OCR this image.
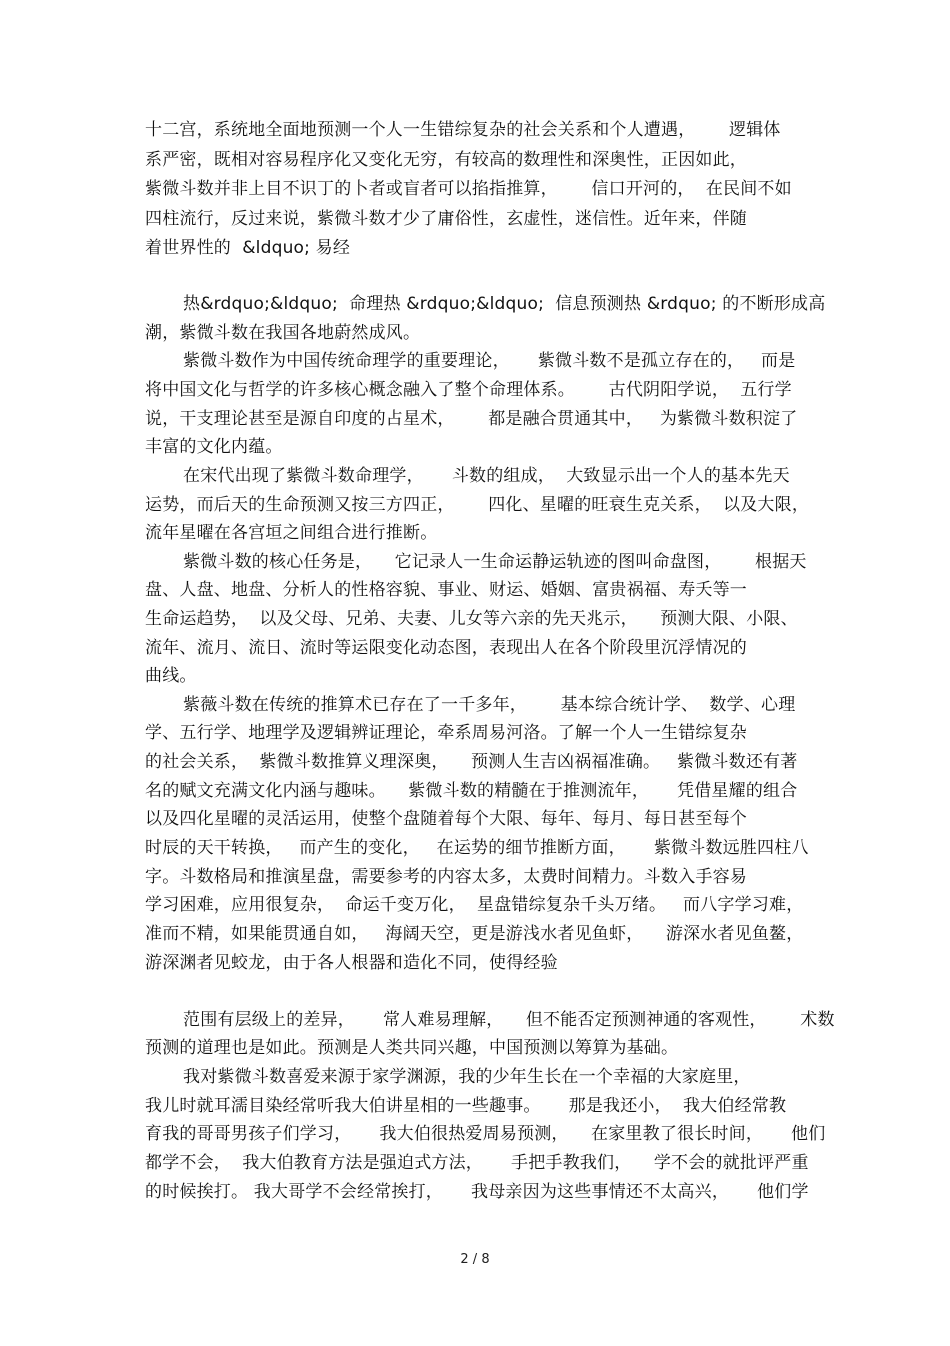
十二宫，系统地全面地预测一个人一生错综复杂的社会关系和个人遭遇，      逻辑体
系严密，既相对容易程序化又变化无穷，有较高的数理性和深奥性，正因如此，
紫微斗数并非上目不识丁的卜者或盲者可以掐指推算，      信口开河的，  在民间不如
四柱流行，反过来说，紫微斗数才少了庸俗性，玄虚性，迷信性。近年来，伴随
着世界性的  &ldquo; 易经
热&rdquo;&ldquo;  命理热 &rdquo;&ldquo;  信息预测热 &rdquo; 的不断形成高
潮，紫微斗数在我国各地蔚然成风。
紫微斗数作为中国传统命理学的重要理论，     紫微斗数不是孤立存在的，   而是
将中国文化与哲学的许多核心概念融入了整个命理体系。      古代阴阳学说，  五行学
说，干支理论甚至是源自印度的占星术，      都是融合贯通其中，   为紫微斗数积淀了
丰富的文化内蕴。
在宋代出现了紫微斗数命理学，     斗数的组成，  大致显示出一个人的基本先天
运势，而后天的生命预测又按三方四正，      四化、星曜的旺衰生克关系，  以及大限，
流年星曜在各宫垣之间组合进行推断。
紫微斗数的核心任务是，    它记录人一生命运静运轨迹的图叫命盘图，      根据天
盘、人盘、地盘、分析人的性格容貌、事业、财运、婚姻、富贵祸福、寿夭等一
生命运趋势，  以及父母、兄弟、夫妻、儿女等六亲的先天兆示，    预测大限、小限、
流年、流月、流日、流时等运限变化动态图，表现出人在各个阶段里沉浮情况的
曲线。
紫薇斗数在传统的推算术已存在了一千多年，      基本综合统计学、  数学、心理
学、五行学、地理学及逻辑辨证理论，牵系周易河洛。了解一个人一生错综复杂
的社会关系，  紫微斗数推算义理深奥，    预测人生吉凶祸福准确。   紫微斗数还有著
名的赋文充满文化内涵与趣味。    紫微斗数的精髓在于推测流年，     凭借星耀的组合
以及四化星曜的灵活运用，使整个盘随着每个大限、每年、每月、每日甚至每个
时辰的天干转换，   而产生的变化，   在运势的细节推断方面，     紫微斗数远胜四柱八
字。斗数格局和推演星盘，需要参考的内容太多，太费时间精力。斗数入手容易
学习困难，应用很复杂，  命运千变万化，  星盘错综复杂千头万绪。   而八字学习难，
准而不精，如果能贯通自如，   海阔天空，更是游浅水者见鱼虾，    游深水者见鱼鳌，
游深渊者见蛟龙，由于各人根器和造化不同，使得经验
范围有层级上的差异，     常人难易理解，    但不能否定预测神通的客观性，      术数
预测的道理也是如此。预测是人类共同兴趣，中国预测以筹算为基础。
我对紫微斗数喜爱来源于家学渊源，我的少年生长在一个幸福的大家庭里，
我儿时就耳濡目染经常听我大伯讲星相的一些趣事。     那是我还小，  我大伯经常教
育我的哥哥男孩子们学习，     我大伯很热爱周易预测，    在家里教了很长时间，     他们
都学不会，  我大伯教育方法是强迫式方法，     手把手教我们，    学不会的就批评严重
的时候挨打。 我大哥学不会经常挨打，     我母亲因为这些事情还不太高兴，     他们学
2 / 8
